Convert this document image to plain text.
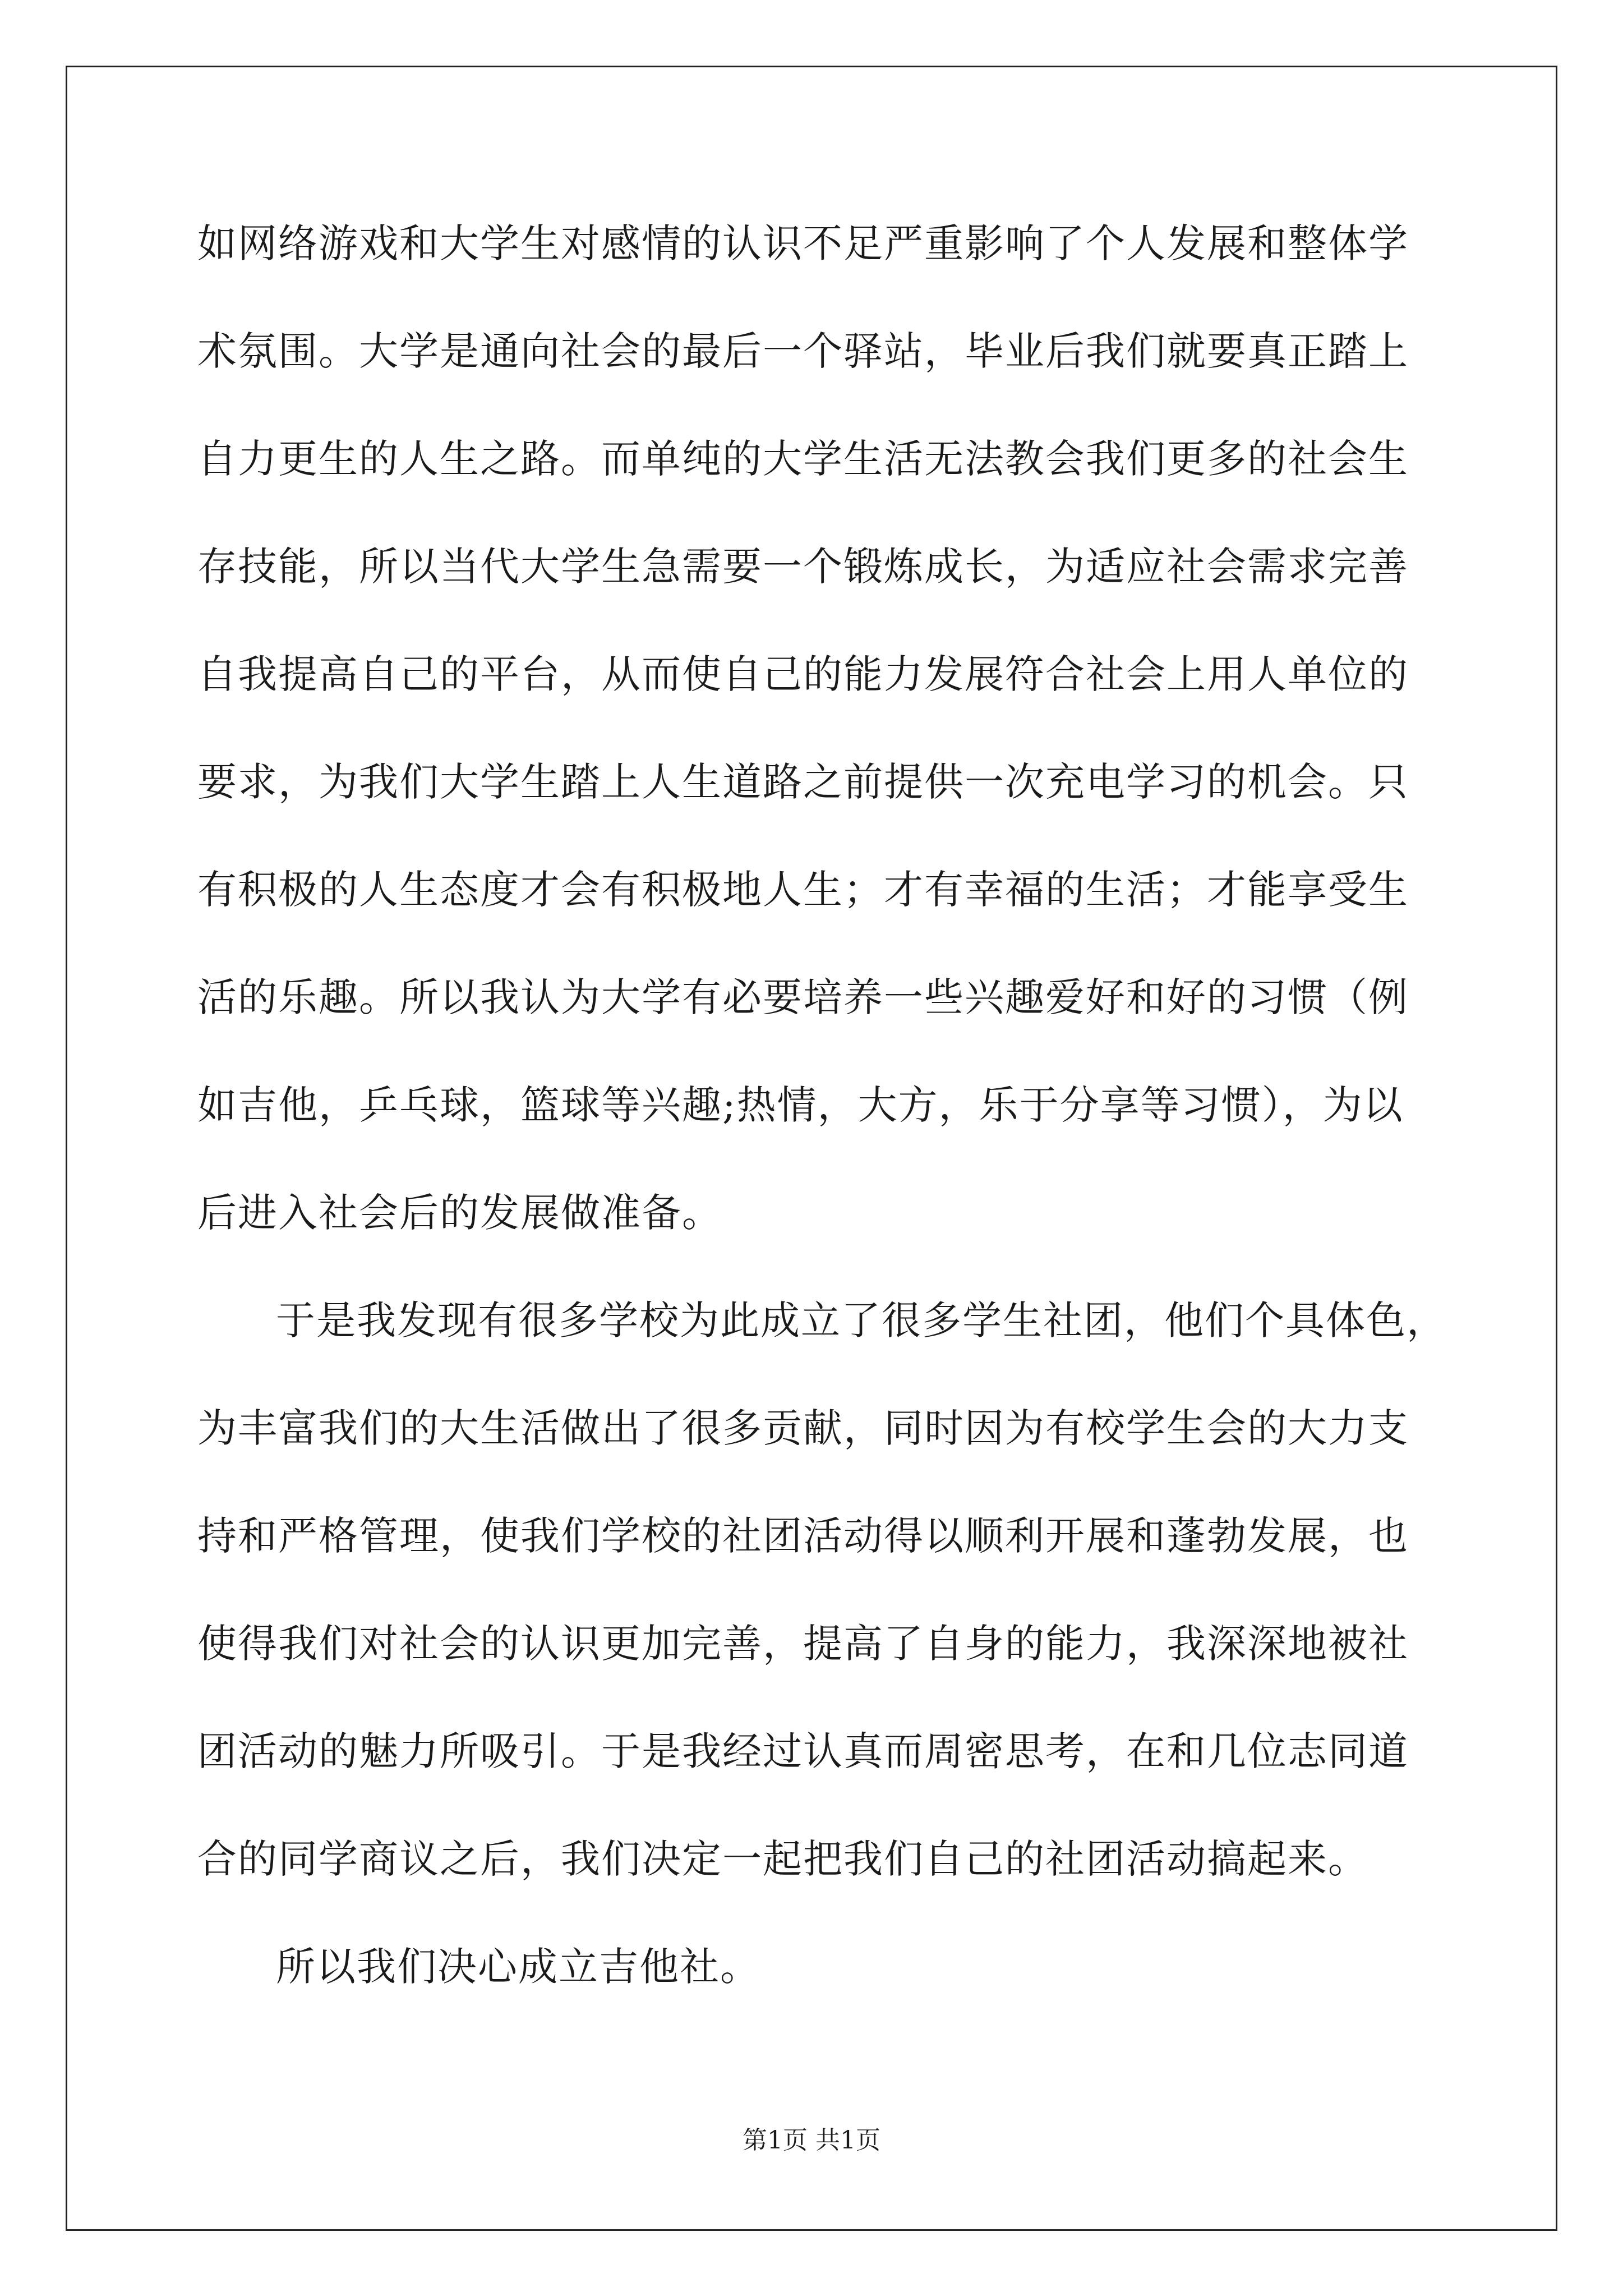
如网络游戏和大学生对感情的认识不足严重影响了个人发展和整体学
术氛围。大学是通向社会的最后一个驿站，毕业后我们就要真正踏上
自力更生的人生之路。而单纯的大学生活无法教会我们更多的社会生
存技能，所以当代大学生急需要一个锻炼成长，为适应社会需求完善
自我提高自己的平台，从而使自己的能力发展符合社会上用人单位的
要求，为我们大学生踏上人生道路之前提供一次充电学习的机会。只
有积极的人生态度才会有积极地人生；才有幸福的生活；才能享受生
活的乐趣。所以我认为大学有必要培养一些兴趣爱好和好的习惯（例
如吉他，乒乓球，篮球等兴趣;热情，大方，乐于分享等习惯），为以
后进入社会后的发展做准备。
于是我发现有很多学校为此成立了很多学生社团，他们个具体色，
为丰富我们的大生活做出了很多贡献，同时因为有校学生会的大力支
持和严格管理，使我们学校的社团活动得以顺利开展和蓬勃发展，也
使得我们对社会的认识更加完善，提高了自身的能力，我深深地被社
团活动的魅力所吸引。于是我经过认真而周密思考，在和几位志同道
合的同学商议之后，我们决定一起把我们自己的社团活动搞起来。
所以我们决心成立吉他社。
第1页 共1页
